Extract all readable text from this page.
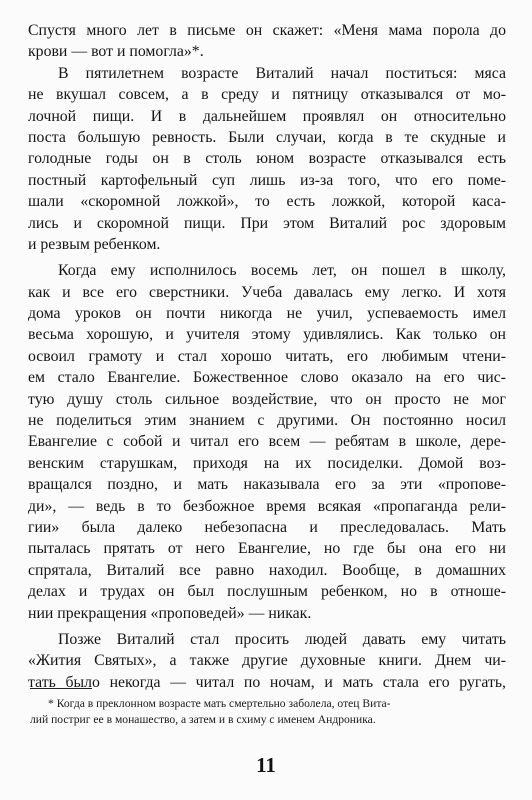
Спустя много лет в письме он скажет: «Меня мама порола до
крови — вот и помогла»*.
В пятилетнем возрасте Виталий начал поститься: мяса
не вкушал совсем, а в среду и пятницу отказывался от мо-
лочной пищи. И в дальнейшем проявлял он относительно
поста большую ревность. Были случаи, когда в те скудные и
голодные годы он в столь юном возрасте отказывался есть
постный картофельный суп лишь из-за того, что его поме-
шали «скоромной ложкой», то есть ложкой, которой каса-
лись и скоромной пищи. При этом Виталий рос здоровым
и резвым ребенком.
Когда ему исполнилось восемь лет, он пошел в школу,
как и все его сверстники. Учеба давалась ему легко. И хотя
дома уроков он почти никогда не учил, успеваемость имел
весьма хорошую, и учителя этому удивлялись. Как только он
освоил грамоту и стал хорошо читать, его любимым чтени-
ем стало Евангелие. Божественное слово оказало на его чис-
тую душу столь сильное воздействие, что он просто не мог
не поделиться этим знанием с другими. Он постоянно носил
Евангелие с собой и читал его всем — ребятам в школе, дере-
венским старушкам, приходя на их посиделки. Домой воз-
вращался поздно, и мать наказывала его за эти «пропове-
ди», — ведь в то безбожное время всякая «пропаганда рели-
гии» была далеко небезопасна и преследовалась. Мать
пыталась прятать от него Евангелие, но где бы она его ни
спрятала, Виталий все равно находил. Вообще, в домашних
делах и трудах он был послушным ребенком, но в отноше-
нии прекращения «проповедей» — никак.
Позже Виталий стал просить людей давать ему читать
«Жития Святых», а также другие духовные книги. Днем чи-
тать было некогда — читал по ночам, и мать стала его ругать,
* Когда в преклонном возрасте мать смертельно заболела, отец Вита-
лий постриг ее в монашество, а затем и в схиму с именем Андроника.
11
